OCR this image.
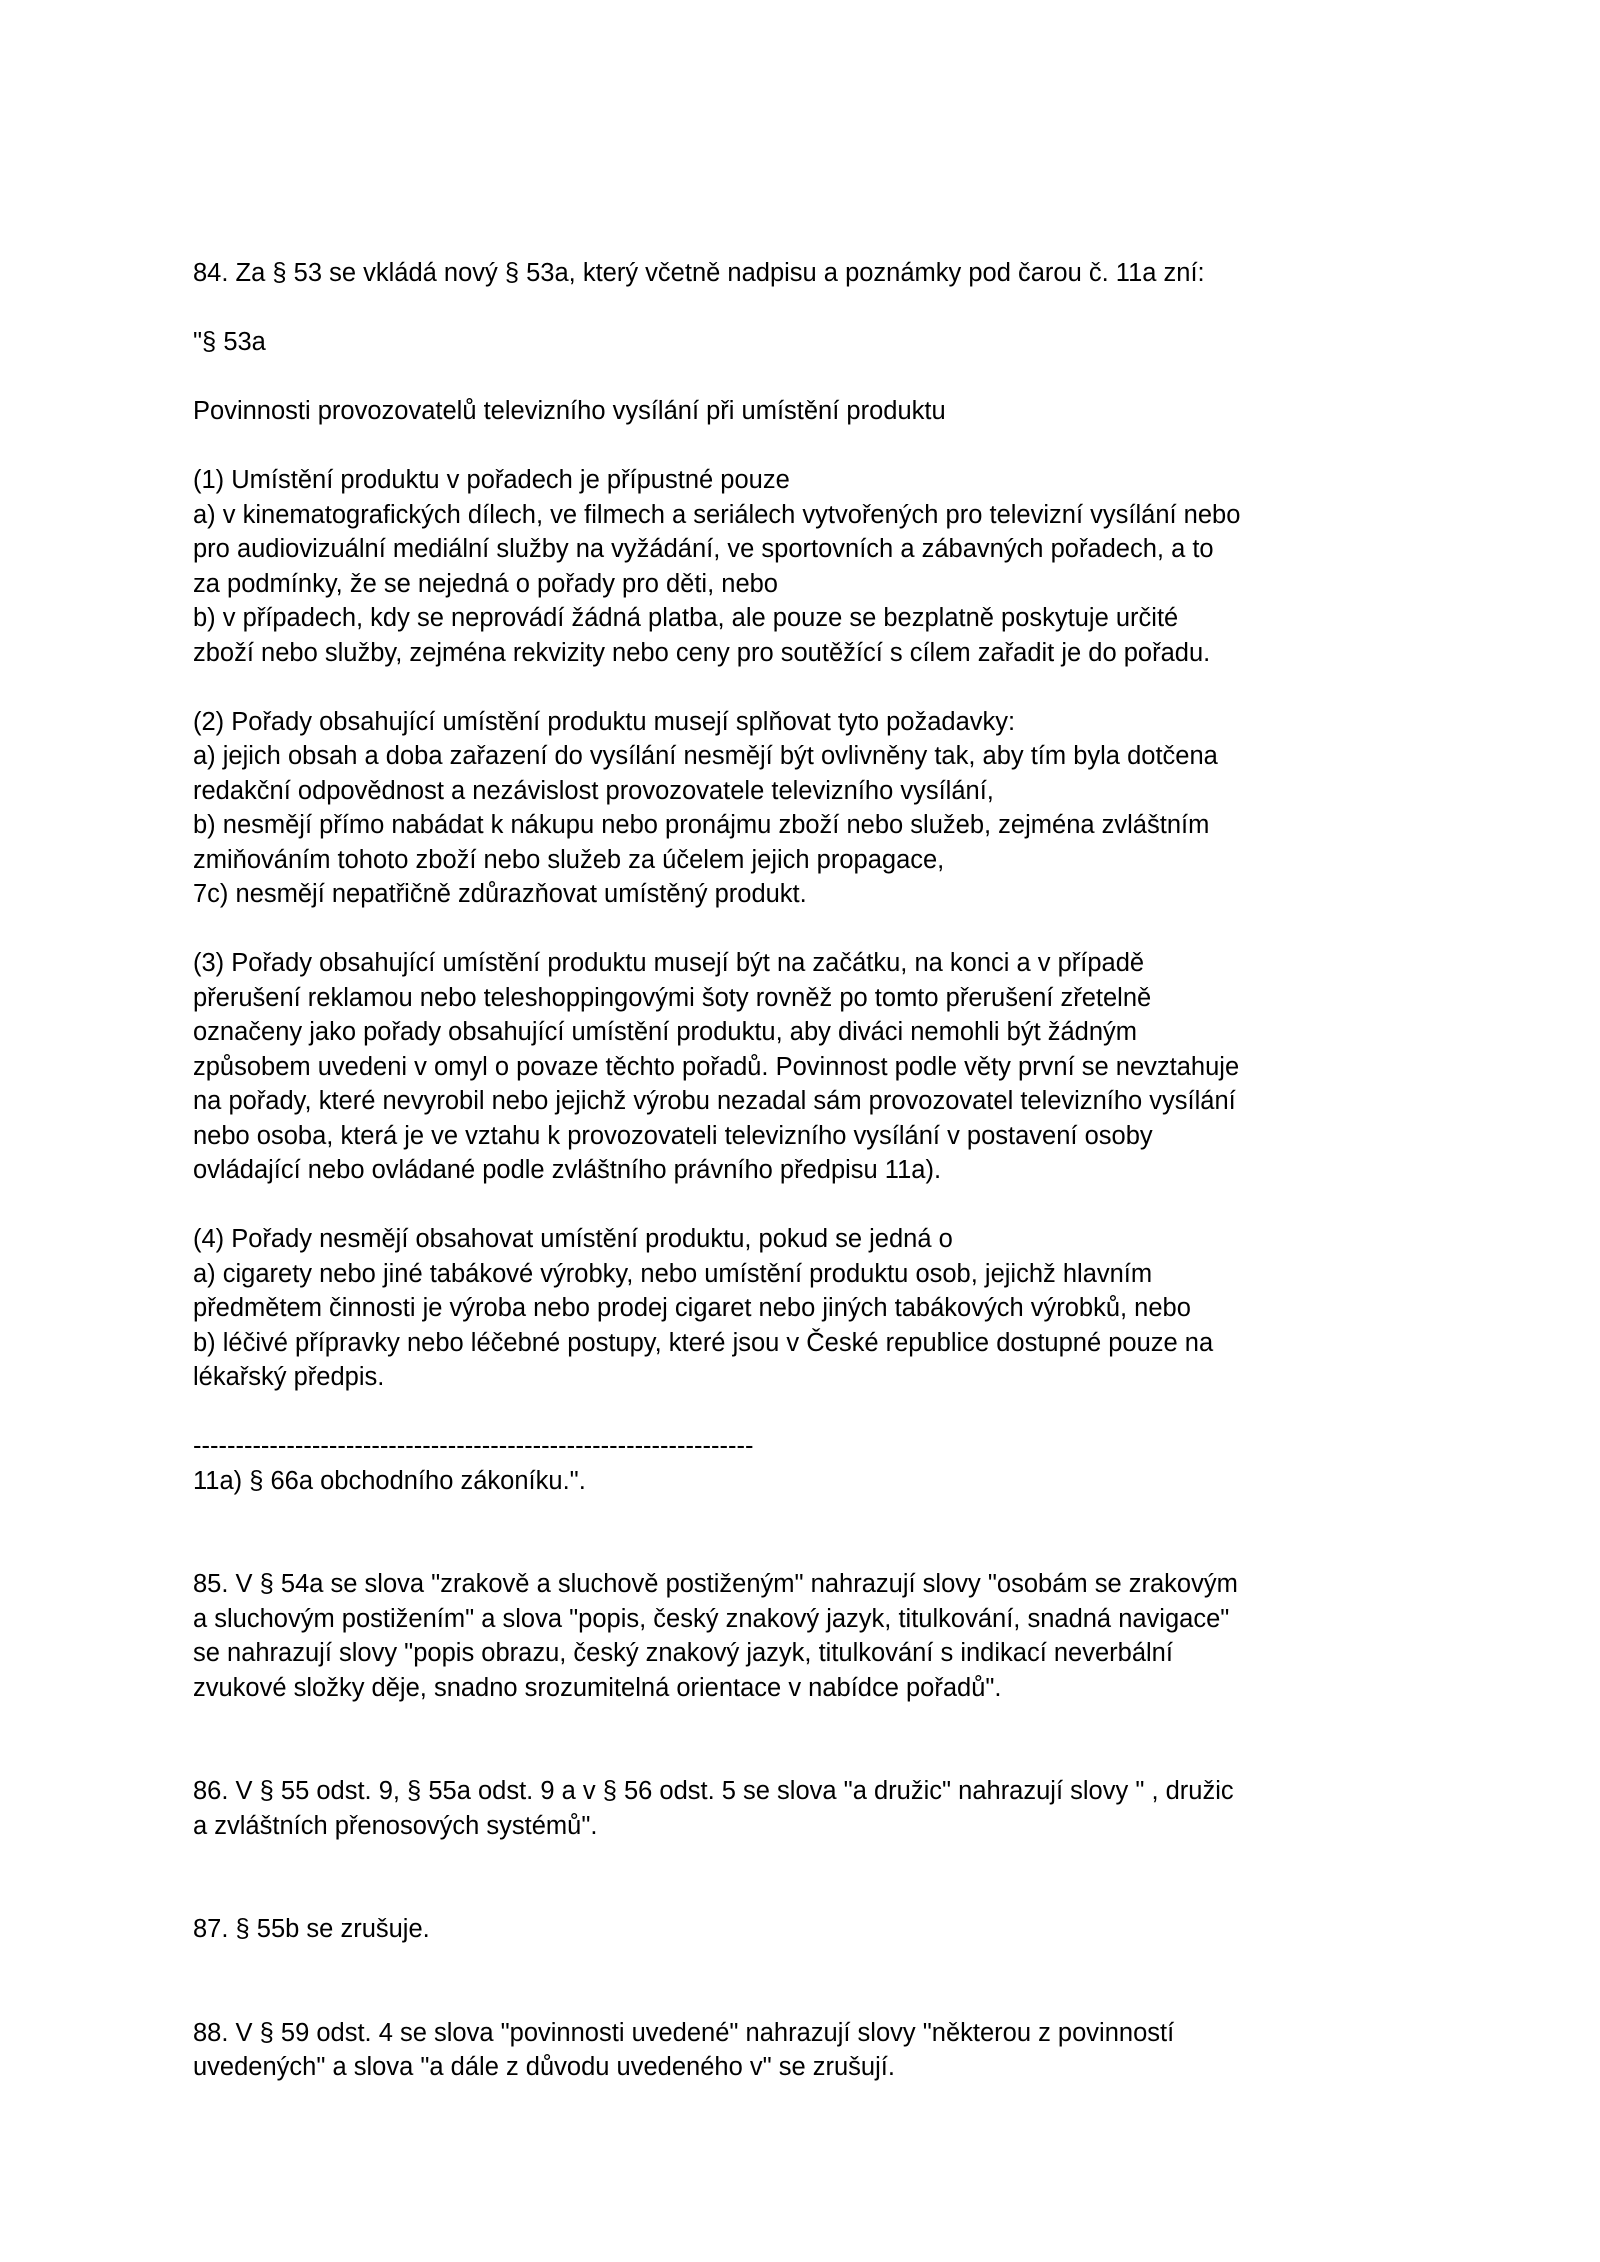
84. Za § 53 se vkládá nový § 53a, který včetně nadpisu a poznámky pod čarou č. 11a zní:
"§ 53a
Povinnosti provozovatelů televizního vysílání při umístění produktu
(1) Umístění produktu v pořadech je přípustné pouze
a) v kinematografických dílech, ve filmech a seriálech vytvořených pro televizní vysílání nebo
pro audiovizuální mediální služby na vyžádání, ve sportovních a zábavných pořadech, a to
za podmínky, že se nejedná o pořady pro děti, nebo
b) v případech, kdy se neprovádí žádná platba, ale pouze se bezplatně poskytuje určité
zboží nebo služby, zejména rekvizity nebo ceny pro soutěžící s cílem zařadit je do pořadu.
(2) Pořady obsahující umístění produktu musejí splňovat tyto požadavky:
a) jejich obsah a doba zařazení do vysílání nesmějí být ovlivněny tak, aby tím byla dotčena
redakční odpovědnost a nezávislost provozovatele televizního vysílání,
b) nesmějí přímo nabádat k nákupu nebo pronájmu zboží nebo služeb, zejména zvláštním
zmiňováním tohoto zboží nebo služeb za účelem jejich propagace,
7c) nesmějí nepatřičně zdůrazňovat umístěný produkt.
(3) Pořady obsahující umístění produktu musejí být na začátku, na konci a v případě
přerušení reklamou nebo teleshoppingovými šoty rovněž po tomto přerušení zřetelně
označeny jako pořady obsahující umístění produktu, aby diváci nemohli být žádným
způsobem uvedeni v omyl o povaze těchto pořadů. Povinnost podle věty první se nevztahuje
na pořady, které nevyrobil nebo jejichž výrobu nezadal sám provozovatel televizního vysílání
nebo osoba, která je ve vztahu k provozovateli televizního vysílání v postavení osoby
ovládající nebo ovládané podle zvláštního právního předpisu 11a).
(4) Pořady nesmějí obsahovat umístění produktu, pokud se jedná o
a) cigarety nebo jiné tabákové výrobky, nebo umístění produktu osob, jejichž hlavním
předmětem činnosti je výroba nebo prodej cigaret nebo jiných tabákových výrobků, nebo
b) léčivé přípravky nebo léčebné postupy, které jsou v České republice dostupné pouze na
lékařský předpis.
------------------------------------------------------------------
11a) § 66a obchodního zákoníku.".
85. V § 54a se slova "zrakově a sluchově postiženým" nahrazují slovy "osobám se zrakovým
a sluchovým postižením" a slova "popis, český znakový jazyk, titulkování, snadná navigace"
se nahrazují slovy "popis obrazu, český znakový jazyk, titulkování s indikací neverbální
zvukové složky děje, snadno srozumitelná orientace v nabídce pořadů".
86. V § 55 odst. 9, § 55a odst. 9 a v § 56 odst. 5 se slova "a družic" nahrazují slovy " , družic
a zvláštních přenosových systémů".
87. § 55b se zrušuje.
88. V § 59 odst. 4 se slova "povinnosti uvedené" nahrazují slovy "některou z povinností
uvedených" a slova "a dále z důvodu uvedeného v" se zrušují.
